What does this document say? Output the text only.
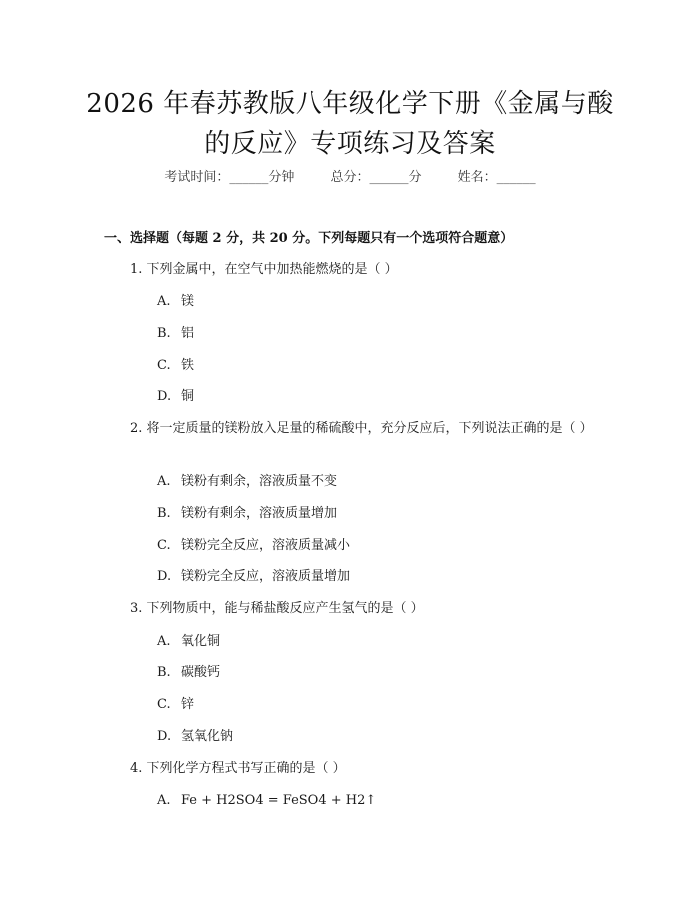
2026 年春苏教版八年级化学下册《金属与酸
的反应》专项练习及答案
考试时间：______分钟	总分：______分	姓名：______
一、选择题（每题 2 分，共 20 分。下列每题只有一个选项符合题意）
1. 下列金属中，在空气中加热能燃烧的是（ ）
A. 镁
B. 铝
C. 铁
D. 铜
2. 将一定质量的镁粉放入足量的稀硫酸中，充分反应后，下列说法正确的是（ ）
A. 镁粉有剩余，溶液质量不变
B. 镁粉有剩余，溶液质量增加
C. 镁粉完全反应，溶液质量减小
D. 镁粉完全反应，溶液质量增加
3. 下列物质中，能与稀盐酸反应产生氢气的是（ ）
A. 氧化铜
B. 碳酸钙
C. 锌
D. 氢氧化钠
4. 下列化学方程式书写正确的是（ ）
A. Fe + H2SO4 = FeSO4 + H2↑
